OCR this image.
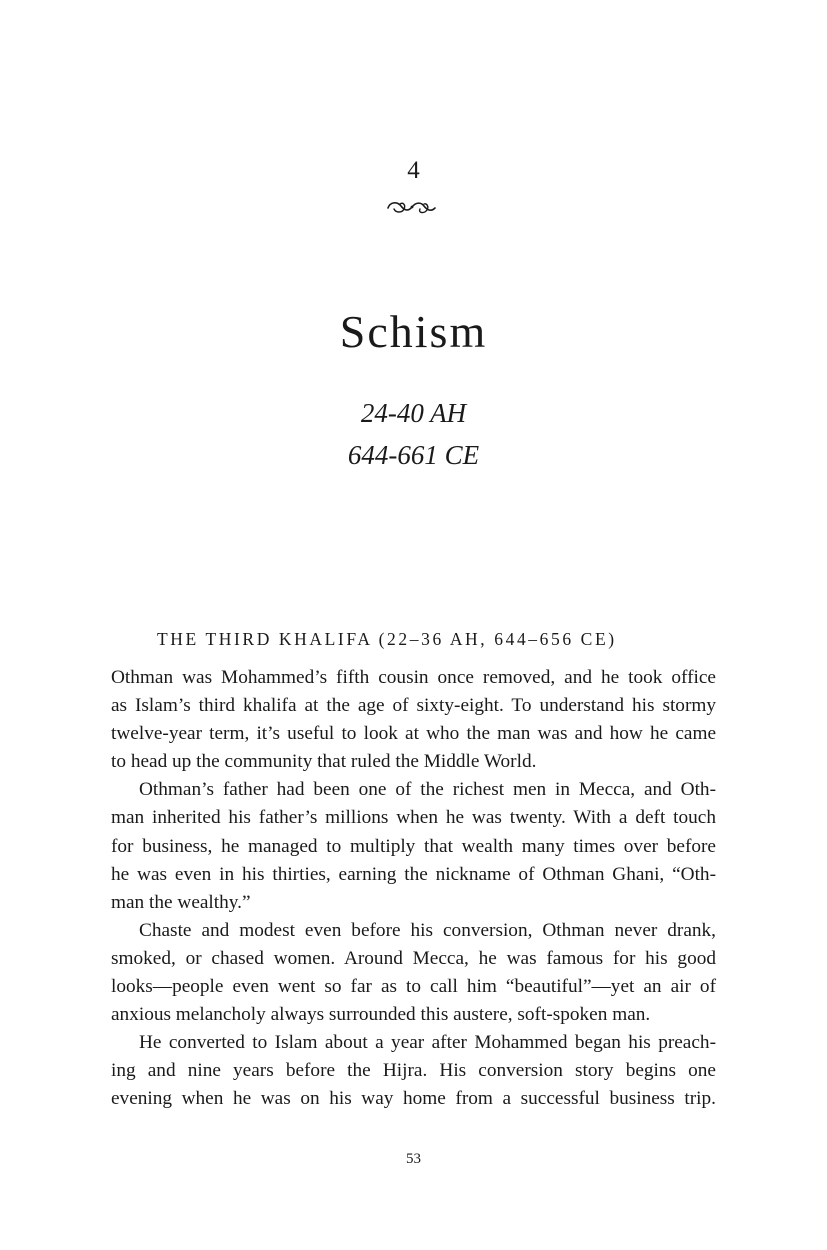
4
Schism
24-40 AH
644-661 CE
THE THIRD KHALIFA (22–36 AH, 644–656 CE)
Othman was Mohammed’s fifth cousin once removed, and he took office
as Islam’s third khalifa at the age of sixty-eight. To understand his stormy
twelve-year term, it’s useful to look at who the man was and how he came
to head up the community that ruled the Middle World.
Othman’s father had been one of the richest men in Mecca, and Oth-
man inherited his father’s millions when he was twenty. With a deft touch
for business, he managed to multiply that wealth many times over before
he was even in his thirties, earning the nickname of Othman Ghani, “Oth-
man the wealthy.”
Chaste and modest even before his conversion, Othman never drank,
smoked, or chased women. Around Mecca, he was famous for his good
looks—people even went so far as to call him “beautiful”—yet an air of
anxious melancholy always surrounded this austere, soft-spoken man.
He converted to Islam about a year after Mohammed began his preach-
ing and nine years before the Hijra. His conversion story begins one
evening when he was on his way home from a successful business trip.
53
